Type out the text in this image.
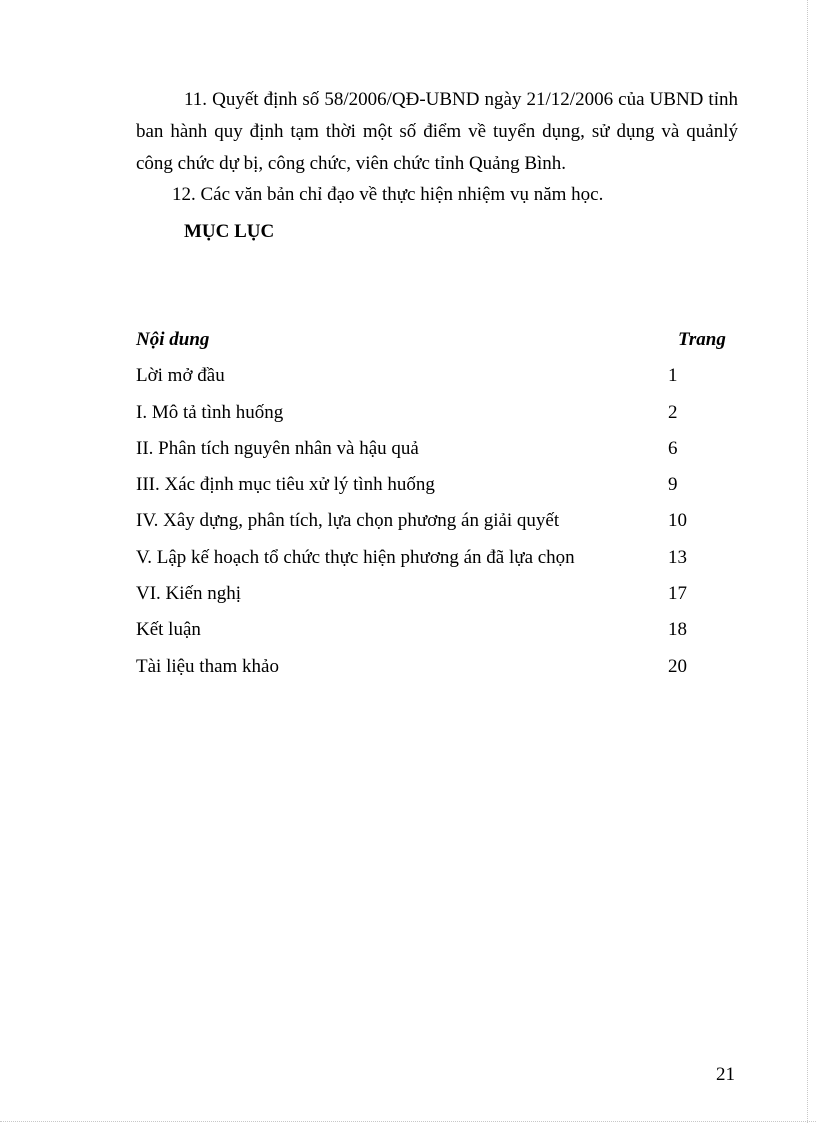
11. Quyết định số 58/2006/QĐ-UBND ngày 21/12/2006 của UBND tỉnh ban hành quy định tạm thời một số điểm về tuyển dụng, sử dụng và quảnlý công chức dự bị, công chức, viên chức tỉnh Quảng Bình.

12. Các văn bản chỉ đạo về thực hiện nhiệm vụ năm học.

MỤC LỤC
Nội dung	Trang
Lời mở đầu	1
I. Mô tả tình huống	2
II. Phân tích nguyên nhân và hậu quả	6
III. Xác định mục tiêu xử lý tình huống	9
IV. Xây dựng, phân tích, lựa chọn phương án giải quyết	10
V. Lập kế hoạch tổ chức thực hiện phương án đã lựa chọn	13
VI. Kiến nghị	17
Kết luận	18
Tài liệu tham khảo	20
21
